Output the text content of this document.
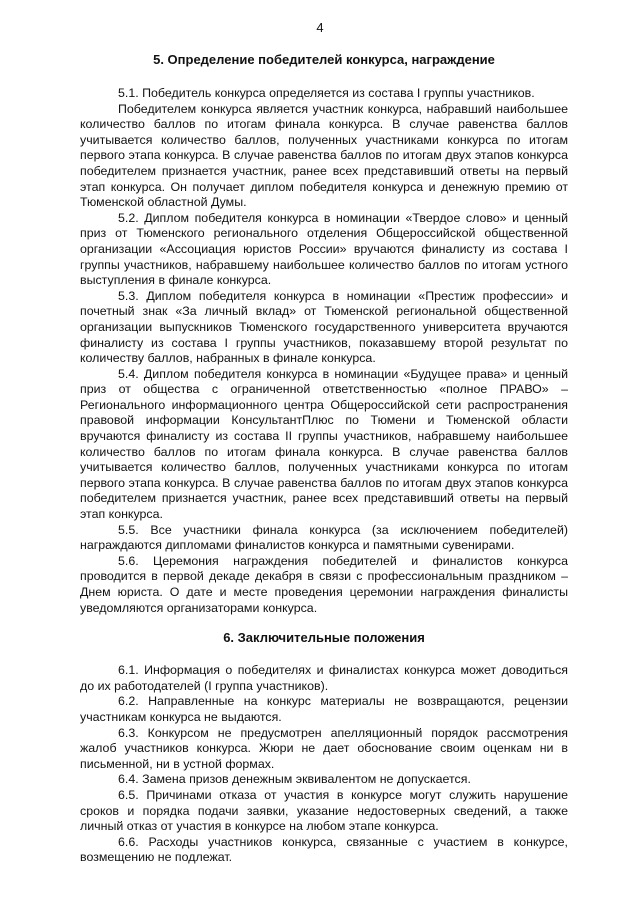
4
5. Определение победителей конкурса, награждение

5.1. Победитель конкурса определяется из состава I группы участников.

Победителем конкурса является участник конкурса, набравший наибольшее количество баллов по итогам финала конкурса. В случае равенства баллов учитывается количество баллов, полученных участниками конкурса по итогам первого этапа конкурса. В случае равенства баллов по итогам двух этапов конкурса победителем признается участник, ранее всех представивший ответы на первый этап конкурса. Он получает диплом победителя конкурса и денежную премию от Тюменской областной Думы.

5.2. Диплом победителя конкурса в номинации «Твердое слово» и ценный приз от Тюменского регионального отделения Общероссийской общественной организации «Ассоциация юристов России» вручаются финалисту из состава I группы участников, набравшему наибольшее количество баллов по итогам устного выступления в финале конкурса.

5.3. Диплом победителя конкурса в номинации «Престиж профессии» и почетный знак «За личный вклад» от Тюменской региональной общественной организации выпускников Тюменского государственного университета вручаются финалисту из состава I группы участников, показавшему второй результат по количеству баллов, набранных в финале конкурса.

5.4. Диплом победителя конкурса в номинации «Будущее права» и ценный приз от общества с ограниченной ответственностью «полное ПРАВО» – Регионального информационного центра Общероссийской сети распространения правовой информации КонсультантПлюс по Тюмени и Тюменской области вручаются финалисту из состава II группы участников, набравшему наибольшее количество баллов по итогам финала конкурса. В случае равенства баллов учитывается количество баллов, полученных участниками конкурса по итогам первого этапа конкурса. В случае равенства баллов по итогам двух этапов конкурса победителем признается участник, ранее всех представивший ответы на первый этап конкурса.

5.5. Все участники финала конкурса (за исключением победителей) награждаются дипломами финалистов конкурса и памятными сувенирами.

5.6. Церемония награждения победителей и финалистов конкурса проводится в первой декаде декабря в связи с профессиональным праздником – Днем юриста. О дате и месте проведения церемонии награждения финалисты уведомляются организаторами конкурса.

6. Заключительные положения

6.1. Информация о победителях и финалистах конкурса может доводиться до их работодателей (I группа участников).

6.2. Направленные на конкурс материалы не возвращаются, рецензии участникам конкурса не выдаются.

6.3. Конкурсом не предусмотрен апелляционный порядок рассмотрения жалоб участников конкурса. Жюри не дает обоснование своим оценкам ни в письменной, ни в устной формах.

6.4. Замена призов денежным эквивалентом не допускается.

6.5. Причинами отказа от участия в конкурсе могут служить нарушение сроков и порядка подачи заявки, указание недостоверных сведений, а также личный отказ от участия в конкурсе на любом этапе конкурса.

6.6. Расходы участников конкурса, связанные с участием в конкурсе, возмещению не подлежат.
